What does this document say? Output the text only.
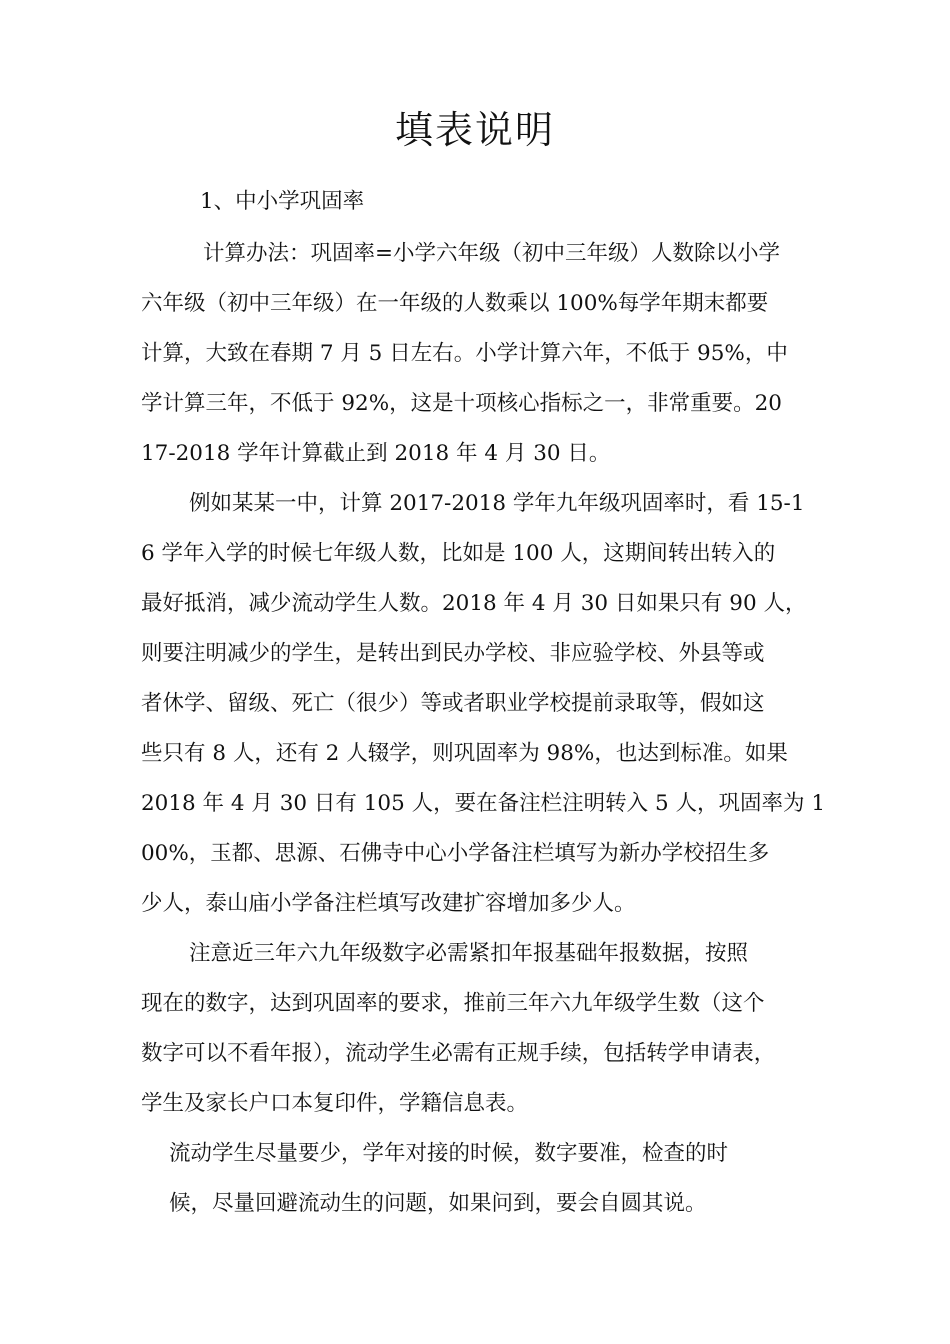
填表说明

1、中小学巩固率

计算办法：巩固率=小学六年级（初中三年级）人数除以小学

六年级（初中三年级）在一年级的人数乘以 100%每学年期末都要

计算，大致在春期 7 月 5 日左右。小学计算六年，不低于 95%，中

学计算三年，不低于 92%，这是十项核心指标之一，非常重要。20

17-2018 学年计算截止到 2018 年 4 月 30 日。

例如某某一中，计算 2017-2018 学年九年级巩固率时，看 15-1

6 学年入学的时候七年级人数，比如是 100 人，这期间转出转入的

最好抵消，减少流动学生人数。2018 年 4 月 30 日如果只有 90 人，

则要注明减少的学生，是转出到民办学校、非应验学校、外县等或

者休学、留级、死亡（很少）等或者职业学校提前录取等，假如这

些只有 8 人，还有 2 人辍学，则巩固率为 98%，也达到标准。如果

2018 年 4 月 30 日有 105 人，要在备注栏注明转入 5 人，巩固率为 1

00%，玉都、思源、石佛寺中心小学备注栏填写为新办学校招生多

少人，泰山庙小学备注栏填写改建扩容增加多少人。

注意近三年六九年级数字必需紧扣年报基础年报数据，按照

现在的数字，达到巩固率的要求，推前三年六九年级学生数（这个

数字可以不看年报），流动学生必需有正规手续，包括转学申请表，

学生及家长户口本复印件，学籍信息表。

流动学生尽量要少，学年对接的时候，数字要准，检查的时

候，尽量回避流动生的问题，如果问到，要会自圆其说。
